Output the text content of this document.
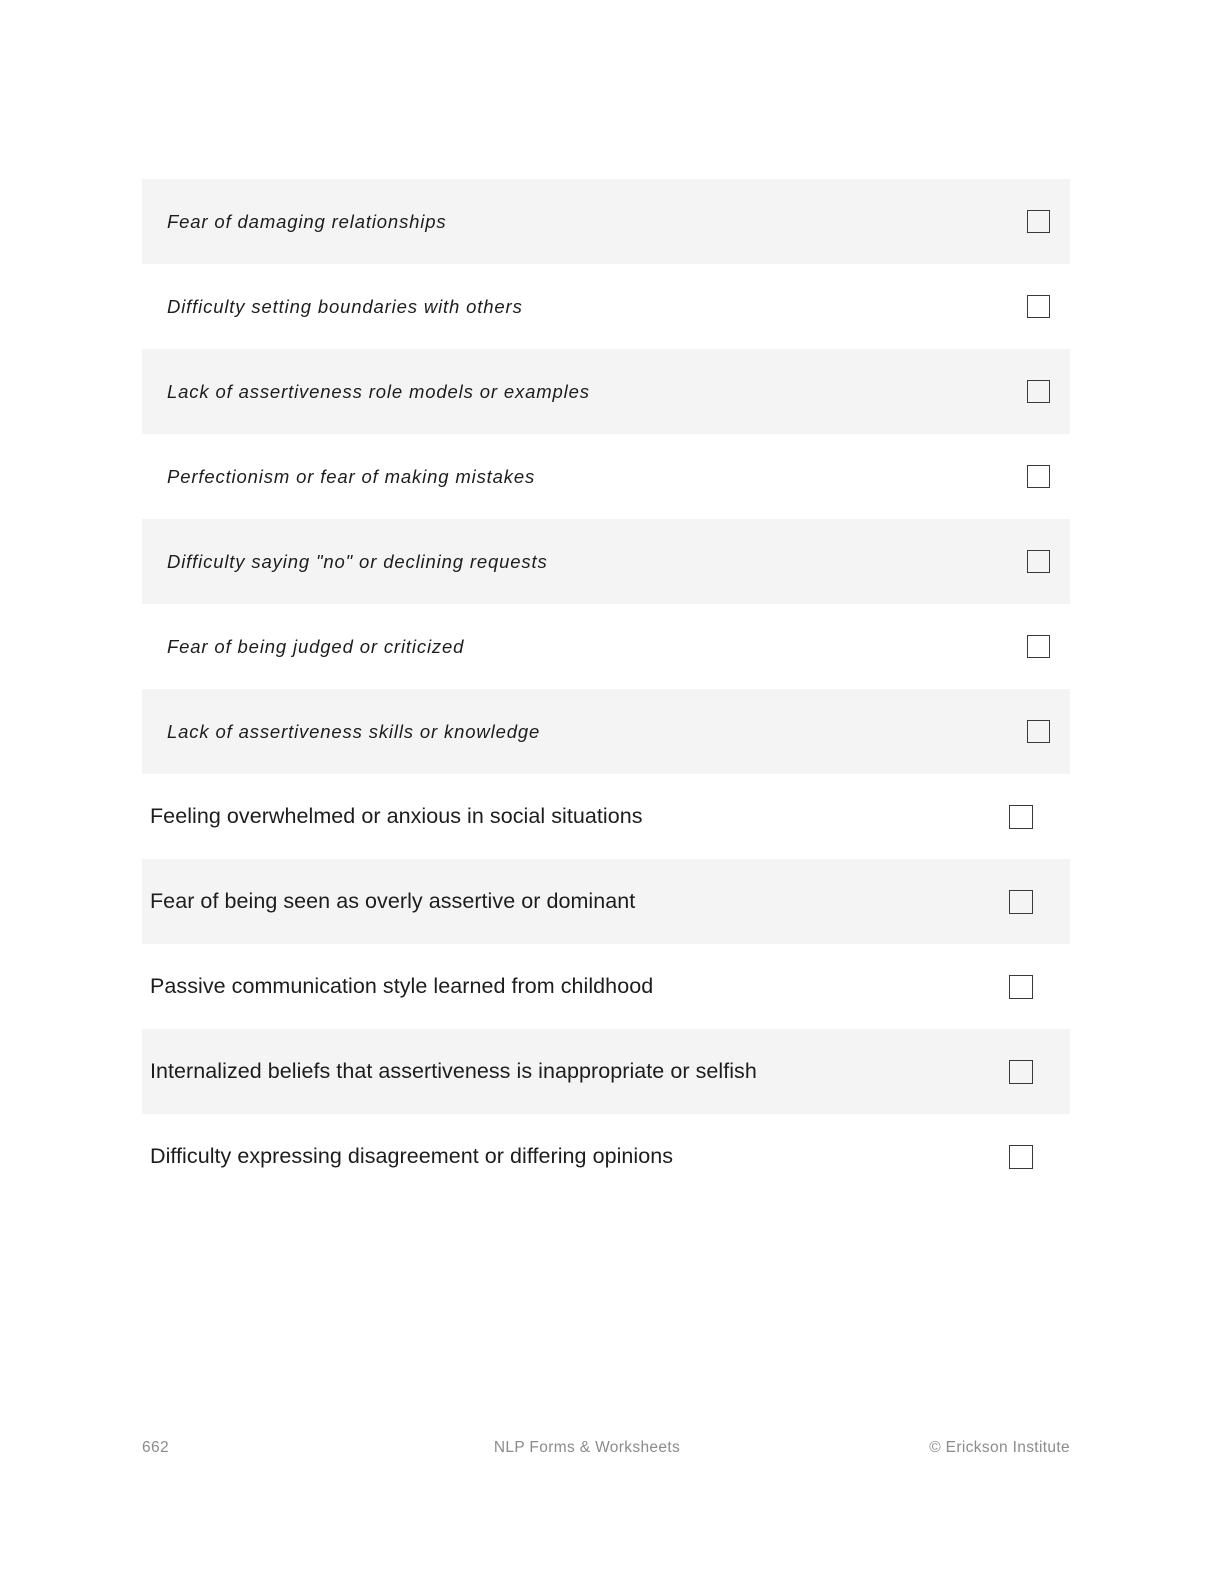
Fear of damaging relationships
Difficulty setting boundaries with others
Lack of assertiveness role models or examples
Perfectionism or fear of making mistakes
Difficulty saying "no" or declining requests
Fear of being judged or criticized
Lack of assertiveness skills or knowledge
Feeling overwhelmed or anxious in social situations
Fear of being seen as overly assertive or dominant
Passive communication style learned from childhood
Internalized beliefs that assertiveness is inappropriate or selfish
Difficulty expressing disagreement or differing opinions
662	NLP Forms & Worksheets	© Erickson Institute
